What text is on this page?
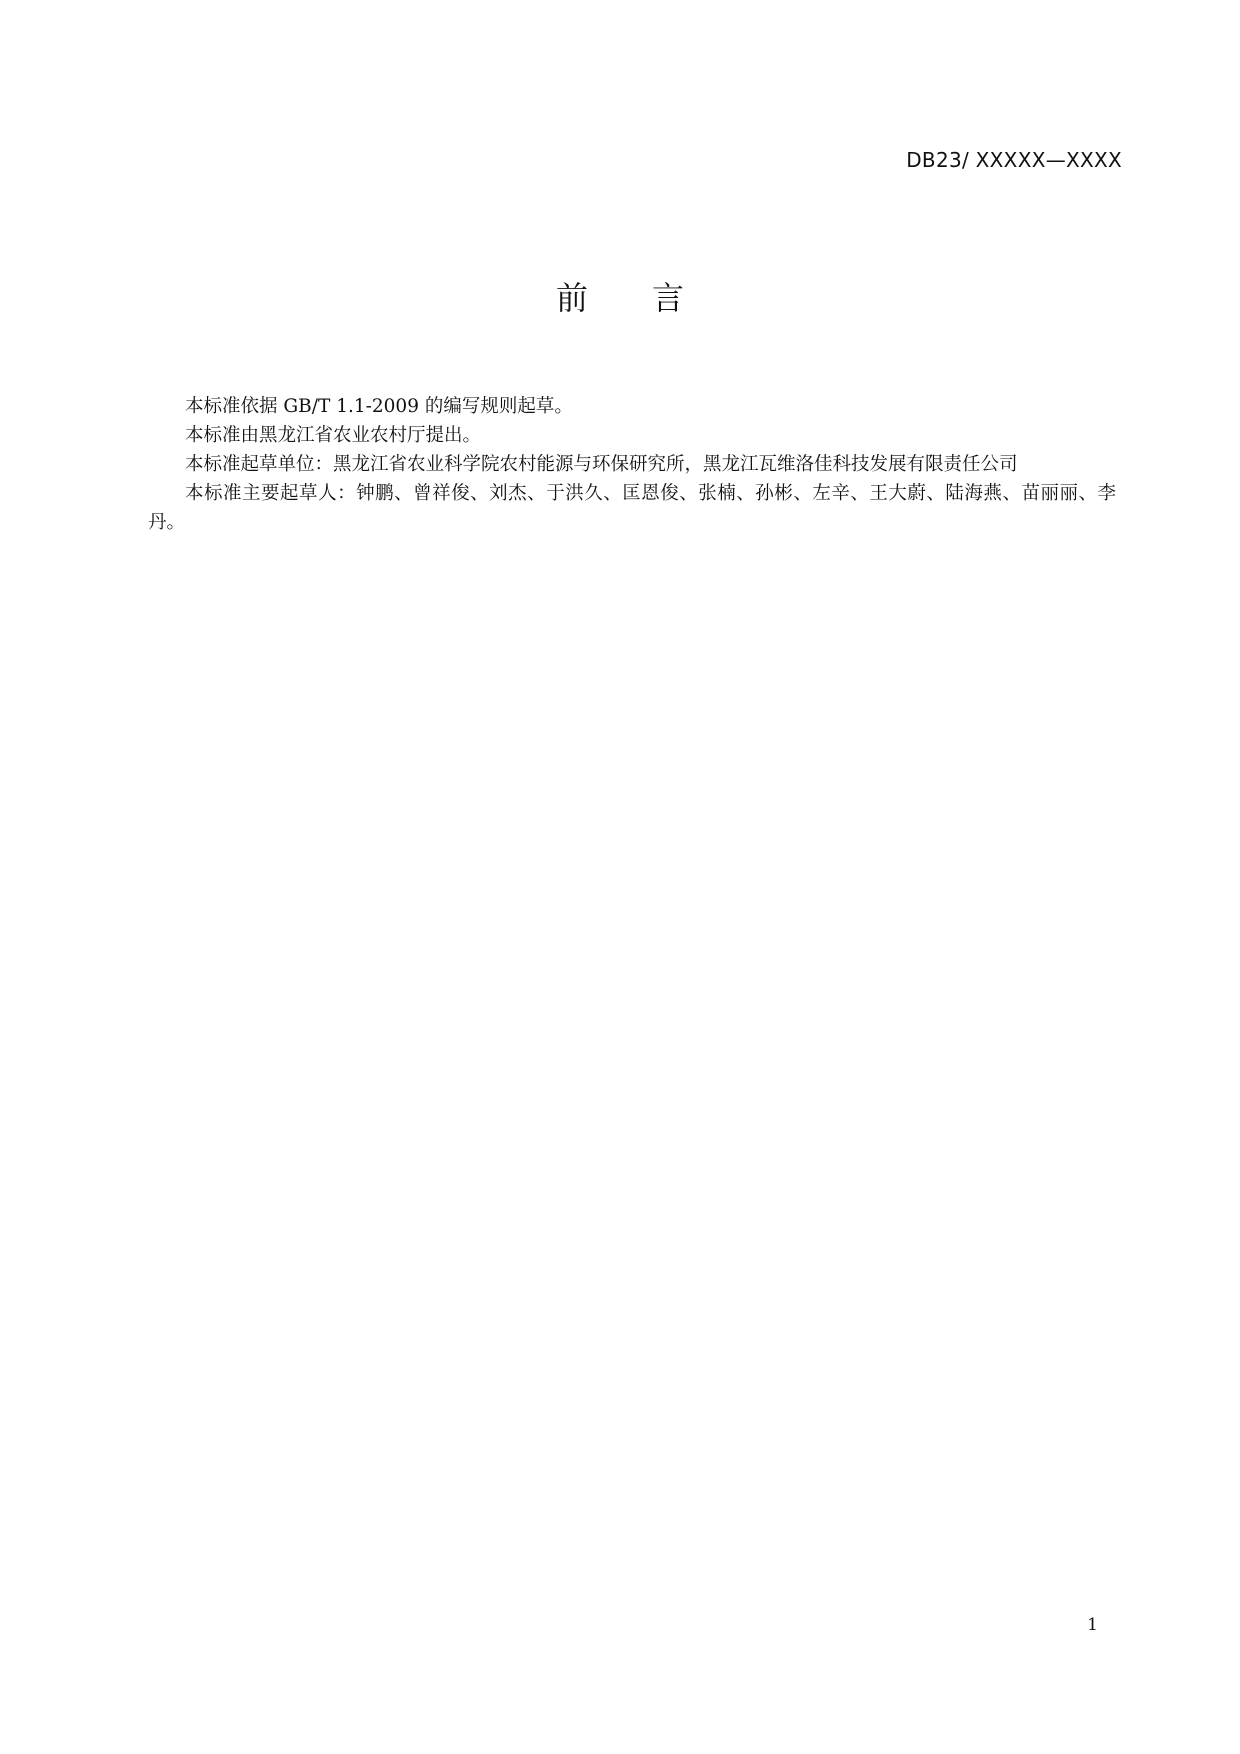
DB23/ XXXXX—XXXX
前　　言

本标准依据 GB/T 1.1-2009 的编写规则起草。

本标准由黑龙江省农业农村厅提出。

本标准起草单位：黑龙江省农业科学院农村能源与环保研究所，黑龙江瓦维洛佳科技发展有限责任公司

本标准主要起草人：钟鹏、曾祥俊、刘杰、于洪久、匡恩俊、张楠、孙彬、左辛、王大蔚、陆海燕、苗丽丽、李丹。

1
